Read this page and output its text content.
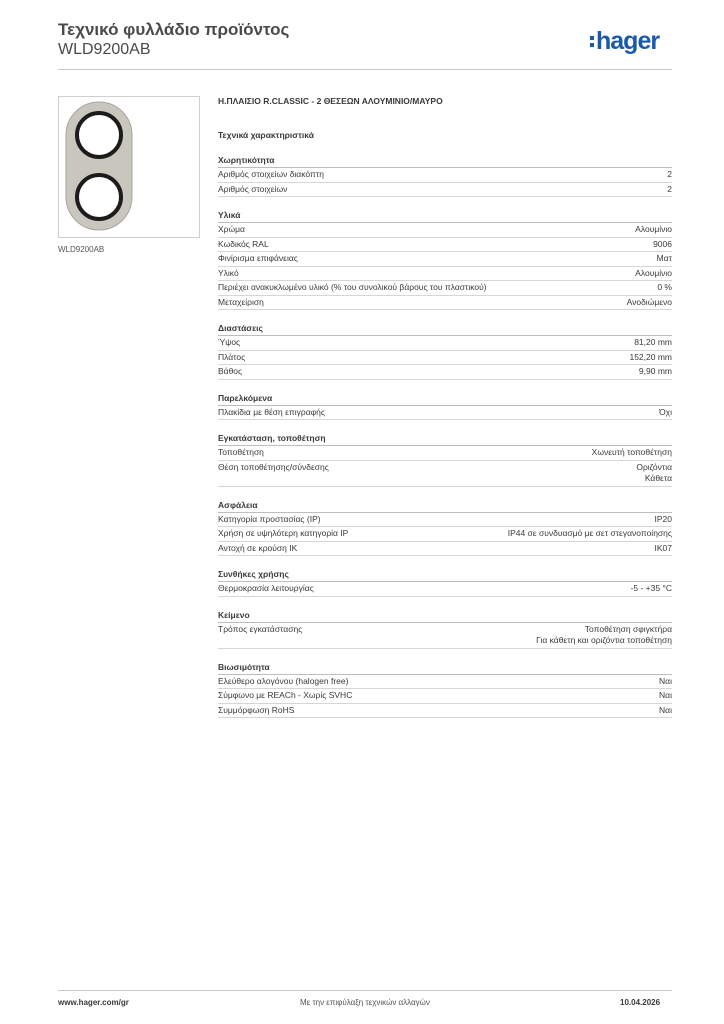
Τεχνικό φυλλάδιο προϊόντος
WLD9200AB	hager
WLD9200AB
Η.ΠΛΑΙΣΙΟ R.CLASSIC - 2 ΘΕΣΕΩΝ ΑΛΟΥΜΙΝΙΟ/ΜΑΥΡΟ
Τεχνικά χαρακτηριστικά
Χωρητικότητα
Αριθμός στοιχείων διακόπτη	2
Αριθμός στοιχείων	2
Υλικά
Χρώμα	Αλουμίνιο
Κωδικός RAL	9006
Φινίρισμα επιφάνειας	Ματ
Υλικό	Αλουμίνιο
Περιέχει ανακυκλωμένο υλικό (% του συνολικού βάρους του πλαστικού)	0 %
Μεταχείριση	Ανοδιώμενο
Διαστάσεις
Ύψος	81,20 mm
Πλάτος	152,20 mm
Βάθος	9,90 mm
Παρελκόμενα
Πλακίδια με θέση επιγραφής	Όχι
Εγκατάσταση, τοποθέτηση
Τοποθέτηση	Χωνευτή τοποθέτηση
Θέση τοποθέτησης/σύνδεσης	Οριζόντια
Κάθετα
Ασφάλεια
Κατηγορία προστασίας (IP)	IP20
Χρήση σε υψηλότερη κατηγορία IP	IP44 σε συνδυασμό με σετ στεγανοποίησης
Αντοχή σε κρούση IK	IK07
Συνθήκες χρήσης
Θερμοκρασία λειτουργίας	-5 - +35 °C
Κείμενο
Τρόπος εγκατάστασης	Τοποθέτηση σφιγκτήρα
Για κάθετη και οριζόντια τοποθέτηση
Βιωσιμότητα
Ελεύθερο αλογόνου (halogen free)	Ναι
Σύμφωνο με REACh - Χωρίς SVHC	Ναι
Συμμόρφωση RoHS	Ναι
www.hager.com/gr	Με την επιφύλαξη τεχνικών αλλαγών	10.04.2026
